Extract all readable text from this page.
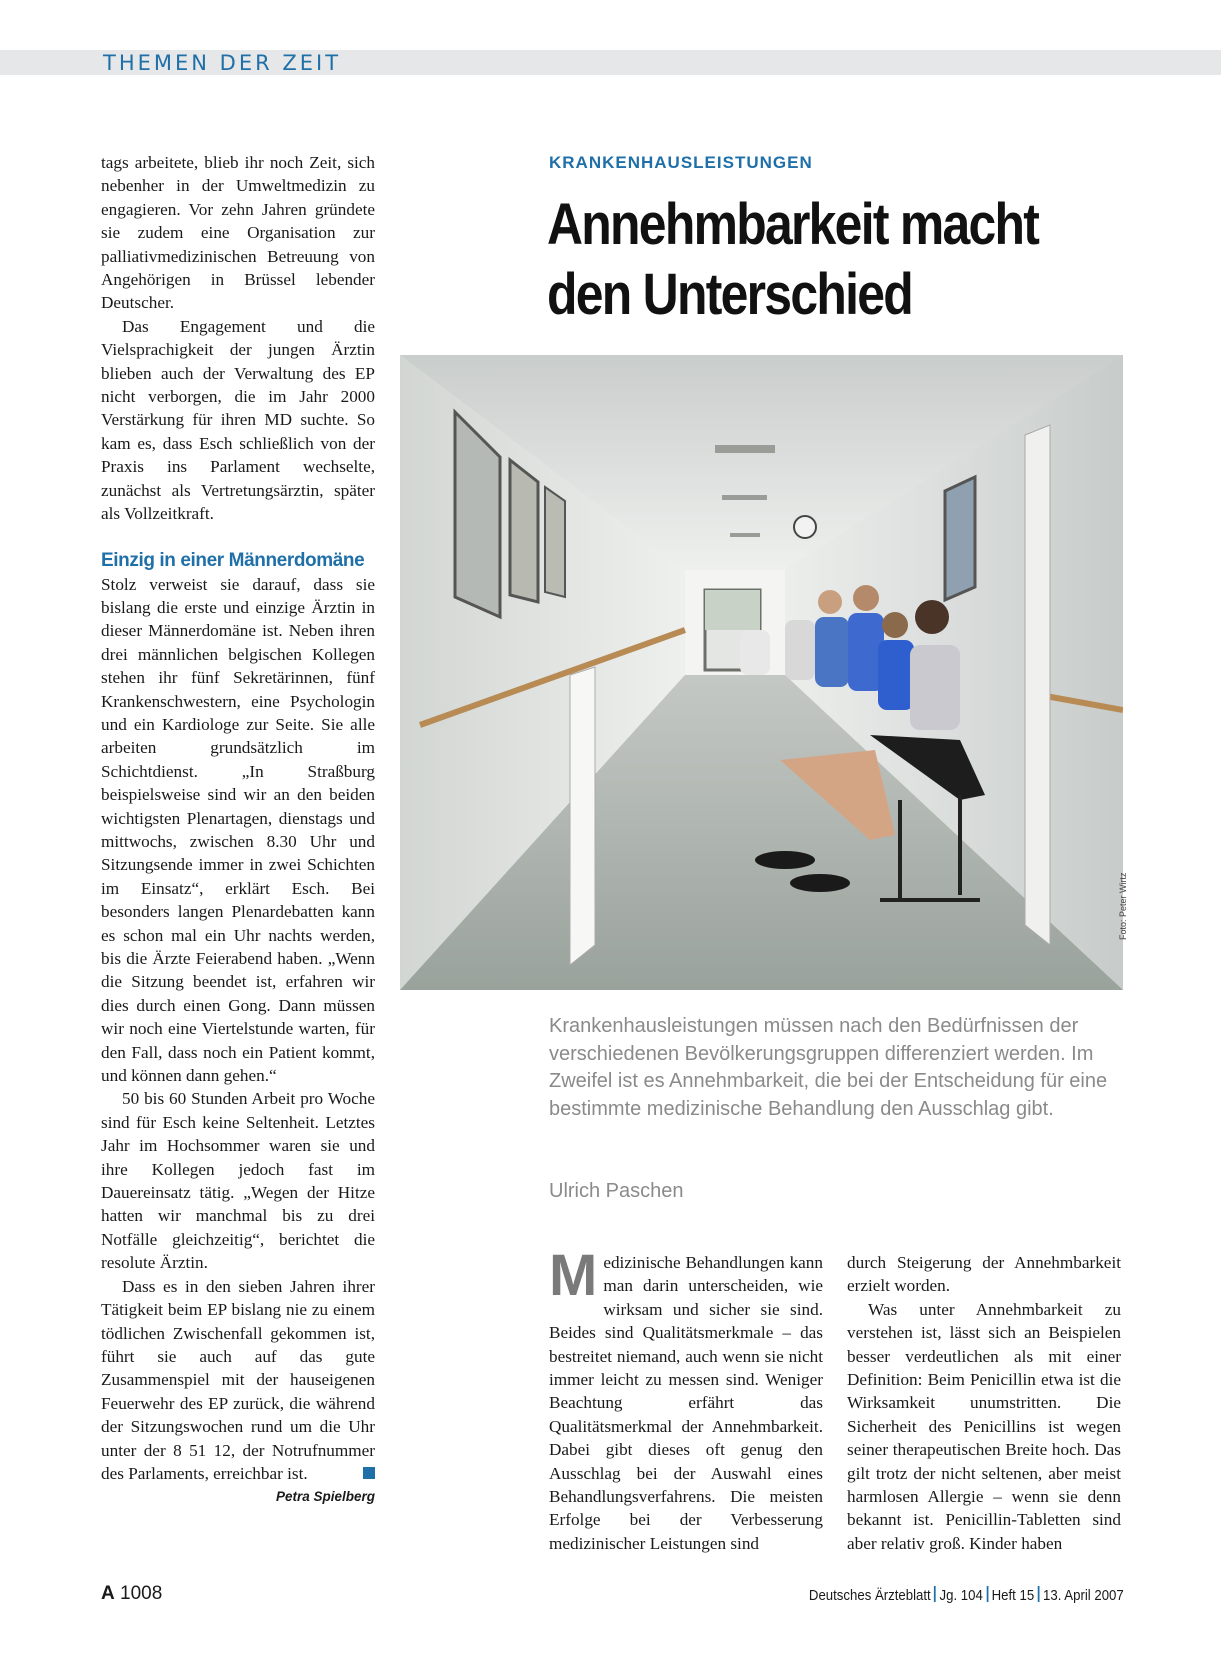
THEMEN DER ZEIT

tags arbeitete, blieb ihr noch Zeit, sich nebenher in der Umweltmedizin zu engagieren. Vor zehn Jahren gründete sie zudem eine Organisation zur palliativmedizinischen Betreuung von Angehörigen in Brüssel lebender Deutscher.

Das Engagement und die Vielsprachigkeit der jungen Ärztin blieben auch der Verwaltung des EP nicht verborgen, die im Jahr 2000 Verstärkung für ihren MD suchte. So kam es, dass Esch schließlich von der Praxis ins Parlament wechselte, zunächst als Vertretungsärztin, später als Vollzeitkraft.

Einzig in einer Männerdomäne

Stolz verweist sie darauf, dass sie bislang die erste und einzige Ärztin in dieser Männerdomäne ist. Neben ihren drei männlichen belgischen Kollegen stehen ihr fünf Sekretärinnen, fünf Krankenschwestern, eine Psychologin und ein Kardiologe zur Seite. Sie alle arbeiten grundsätzlich im Schichtdienst. „In Straßburg beispielsweise sind wir an den beiden wichtigsten Plenartagen, dienstags und mittwochs, zwischen 8.30 Uhr und Sitzungsende immer in zwei Schichten im Einsatz“, erklärt Esch. Bei besonders langen Plenardebatten kann es schon mal ein Uhr nachts werden, bis die Ärzte Feierabend haben. „Wenn die Sitzung beendet ist, erfahren wir dies durch einen Gong. Dann müssen wir noch eine Viertelstunde warten, für den Fall, dass noch ein Patient kommt, und können dann gehen.“

50 bis 60 Stunden Arbeit pro Woche sind für Esch keine Seltenheit. Letztes Jahr im Hochsommer waren sie und ihre Kollegen jedoch fast im Dauereinsatz tätig. „Wegen der Hitze hatten wir manchmal bis zu drei Notfälle gleichzeitig“, berichtet die resolute Ärztin.

Dass es in den sieben Jahren ihrer Tätigkeit beim EP bislang nie zu einem tödlichen Zwischenfall gekommen ist, führt sie auch auf das gute Zusammenspiel mit der hauseigenen Feuerwehr des EP zurück, die während der Sitzungswochen rund um die Uhr unter der 8 51 12, der Notrufnummer des Parlaments, erreichbar ist.

Petra Spielberg
KRANKENHAUSLEISTUNGEN
Annehmbarkeit macht
den Unterschied
Foto: Peter Wirtz
Krankenhausleistungen müssen nach den Bedürfnissen der verschiedenen Bevölkerungsgruppen differenziert werden. Im Zweifel ist es Annehmbarkeit, die bei der Entscheidung für eine bestimmte medizinische Behandlung den Ausschlag gibt.
Ulrich Paschen

Medizinische Behandlungen kann man darin unterscheiden, wie wirksam und sicher sie sind. Beides sind Qualitätsmerkmale – das bestreitet niemand, auch wenn sie nicht immer leicht zu messen sind. Weniger Beachtung erfährt das Qualitätsmerkmal der Annehmbarkeit. Dabei gibt dieses oft genug den Ausschlag bei der Auswahl eines Behandlungsverfahrens. Die meisten Erfolge bei der Verbesserung medizinischer Leistungen sind

durch Steigerung der Annehmbarkeit erzielt worden.

Was unter Annehmbarkeit zu verstehen ist, lässt sich an Beispielen besser verdeutlichen als mit einer Definition: Beim Penicillin etwa ist die Wirksamkeit unumstritten. Die Sicherheit des Penicillins ist wegen seiner therapeutischen Breite hoch. Das gilt trotz der nicht seltenen, aber meist harmlosen Allergie – wenn sie denn bekannt ist. Penicillin-Tabletten sind aber relativ groß. Kinder haben

A 1008	Deutsches Ärzteblatt Jg. 104 Heft 15 13. April 2007
